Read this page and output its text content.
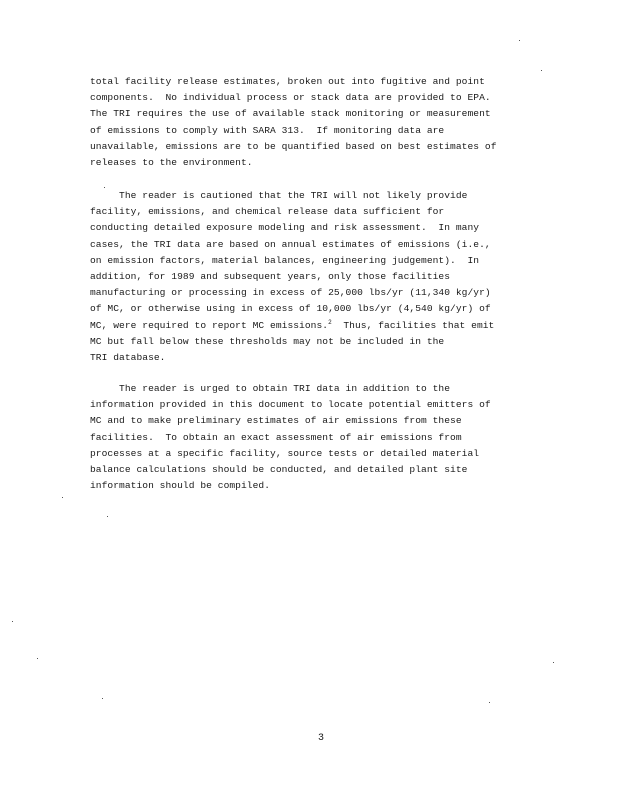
total facility release estimates, broken out into fugitive and point
components.  No individual process or stack data are provided to EPA.
The TRI requires the use of available stack monitoring or measurement
of emissions to comply with SARA 313.  If monitoring data are
unavailable, emissions are to be quantified based on best estimates of
releases to the environment.
The reader is cautioned that the TRI will not likely provide
facility, emissions, and chemical release data sufficient for
conducting detailed exposure modeling and risk assessment.  In many
cases, the TRI data are based on annual estimates of emissions (i.e.,
on emission factors, material balances, engineering judgement).  In
addition, for 1989 and subsequent years, only those facilities
manufacturing or processing in excess of 25,000 lbs/yr (11,340 kg/yr)
of MC, or otherwise using in excess of 10,000 lbs/yr (4,540 kg/yr) of
MC, were required to report MC emissions.$^2$  Thus, facilities that emit
MC but fall below these thresholds may not be included in the
TRI database.
The reader is urged to obtain TRI data in addition to the
information provided in this document to locate potential emitters of
MC and to make preliminary estimates of air emissions from these
facilities.  To obtain an exact assessment of air emissions from
processes at a specific facility, source tests or detailed material
balance calculations should be conducted, and detailed plant site
information should be compiled.
3
